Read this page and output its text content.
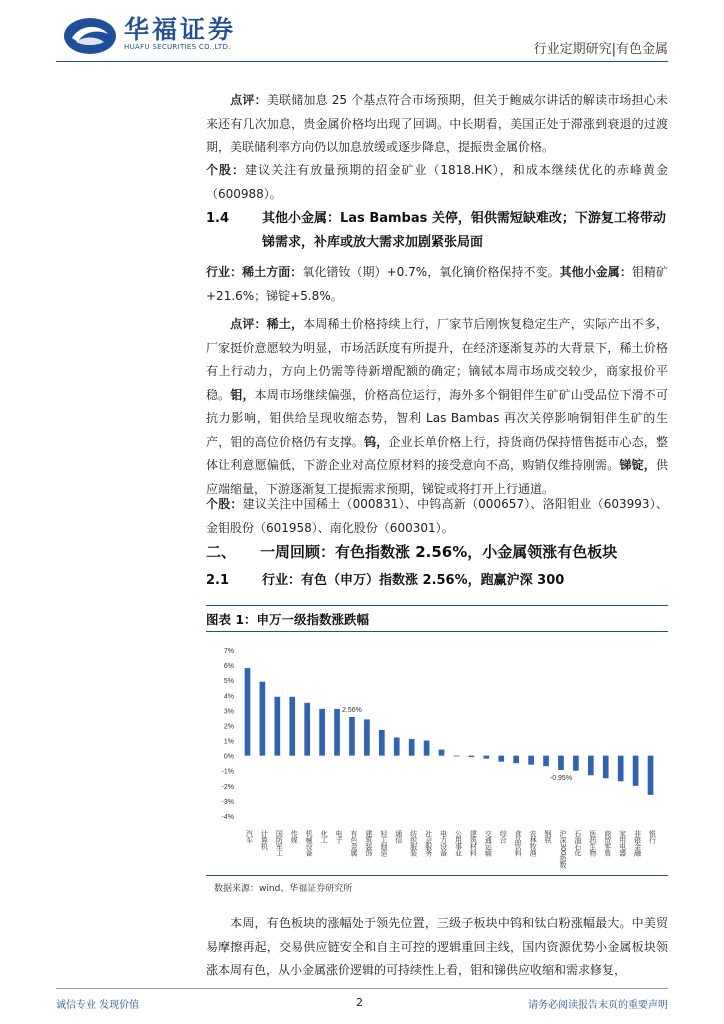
华福证券
HUAFU SECURITIES CO.,LTD.	行业定期研究|有色金属
点评：美联储加息 25 个基点符合市场预期，但关于鲍威尔讲话的解读市场担心未来还有几次加息，贵金属价格均出现了回调。中长期看，美国正处于滞涨到衰退的过渡期，美联储利率方向仍以加息放缓或逐步降息，提振贵金属价格。
个股：建议关注有放量预期的招金矿业（1818.HK），和成本继续优化的赤峰黄金（600988）。
1.4	其他小金属：Las Bambas 关停，钼供需短缺难改；下游复工将带动锑需求，补库或放大需求加剧紧张局面
行业：稀土方面：氧化镨钕（期）+0.7%，氧化镝价格保持不变。其他小金属：钼精矿+21.6%；锑锭+5.8%。
点评：稀土，本周稀土价格持续上行，厂家节后刚恢复稳定生产，实际产出不多，厂家挺价意愿较为明显，市场活跃度有所提升，在经济逐渐复苏的大背景下，稀土价格有上行动力，方向上仍需等待新增配额的确定；镝铽本周市场成交较少，商家报价平稳。钼，本周市场继续偏强，价格高位运行，海外多个铜钼伴生矿矿山受品位下滑不可抗力影响，钼供给呈现收缩态势，智利 Las Bambas 再次关停影响铜钼伴生矿的生产，钼的高位价格仍有支撑。钨，企业长单价格上行，持货商仍保持惜售挺市心态，整体让利意愿偏低，下游企业对高位原材料的接受意向不高，购销仅维持刚需。锑锭，供应端缩量，下游逐渐复工提振需求预期，锑锭或将打开上行通道。
个股：建议关注中国稀土（000831）、中钨高新（000657）、洛阳钼业（603993）、金钼股份（601958）、南化股份（600301）。
二、 一周回顾：有色指数涨 2.56%，小金属领涨有色板块
2.1	行业：有色（申万）指数涨 2.56%，跑赢沪深 300
图表 1：申万一级指数涨跌幅
-4%
-3%
-2%
-1%
0%
1%
2%
3%
4%
5%
6%
7%
汽车 计算机 国防军工 传媒 机械设备 化工 电子 有色金属 建筑装饰 轻工制造 通信 纺织服装 社会服务 电力设备 公用事业 建筑材料 交通运输 综合 食品饮料 农林牧渔 钢铁 沪深300指数 石油石化 医药生物 商贸零售 家用电器 非银金融 银行
2.56%
-0.95%
数据来源：wind、华福证券研究所
本周，有色板块的涨幅处于领先位置，三级子板块中钨和钛白粉涨幅最大。中美贸易摩擦再起，交易供应链安全和自主可控的逻辑重回主线，国内资源优势小金属板块领涨本周有色，从小金属涨价逻辑的可持续性上看，钼和锑供应收缩和需求修复，
诚信专业 发现价值	2	请务必阅读报告末页的重要声明
